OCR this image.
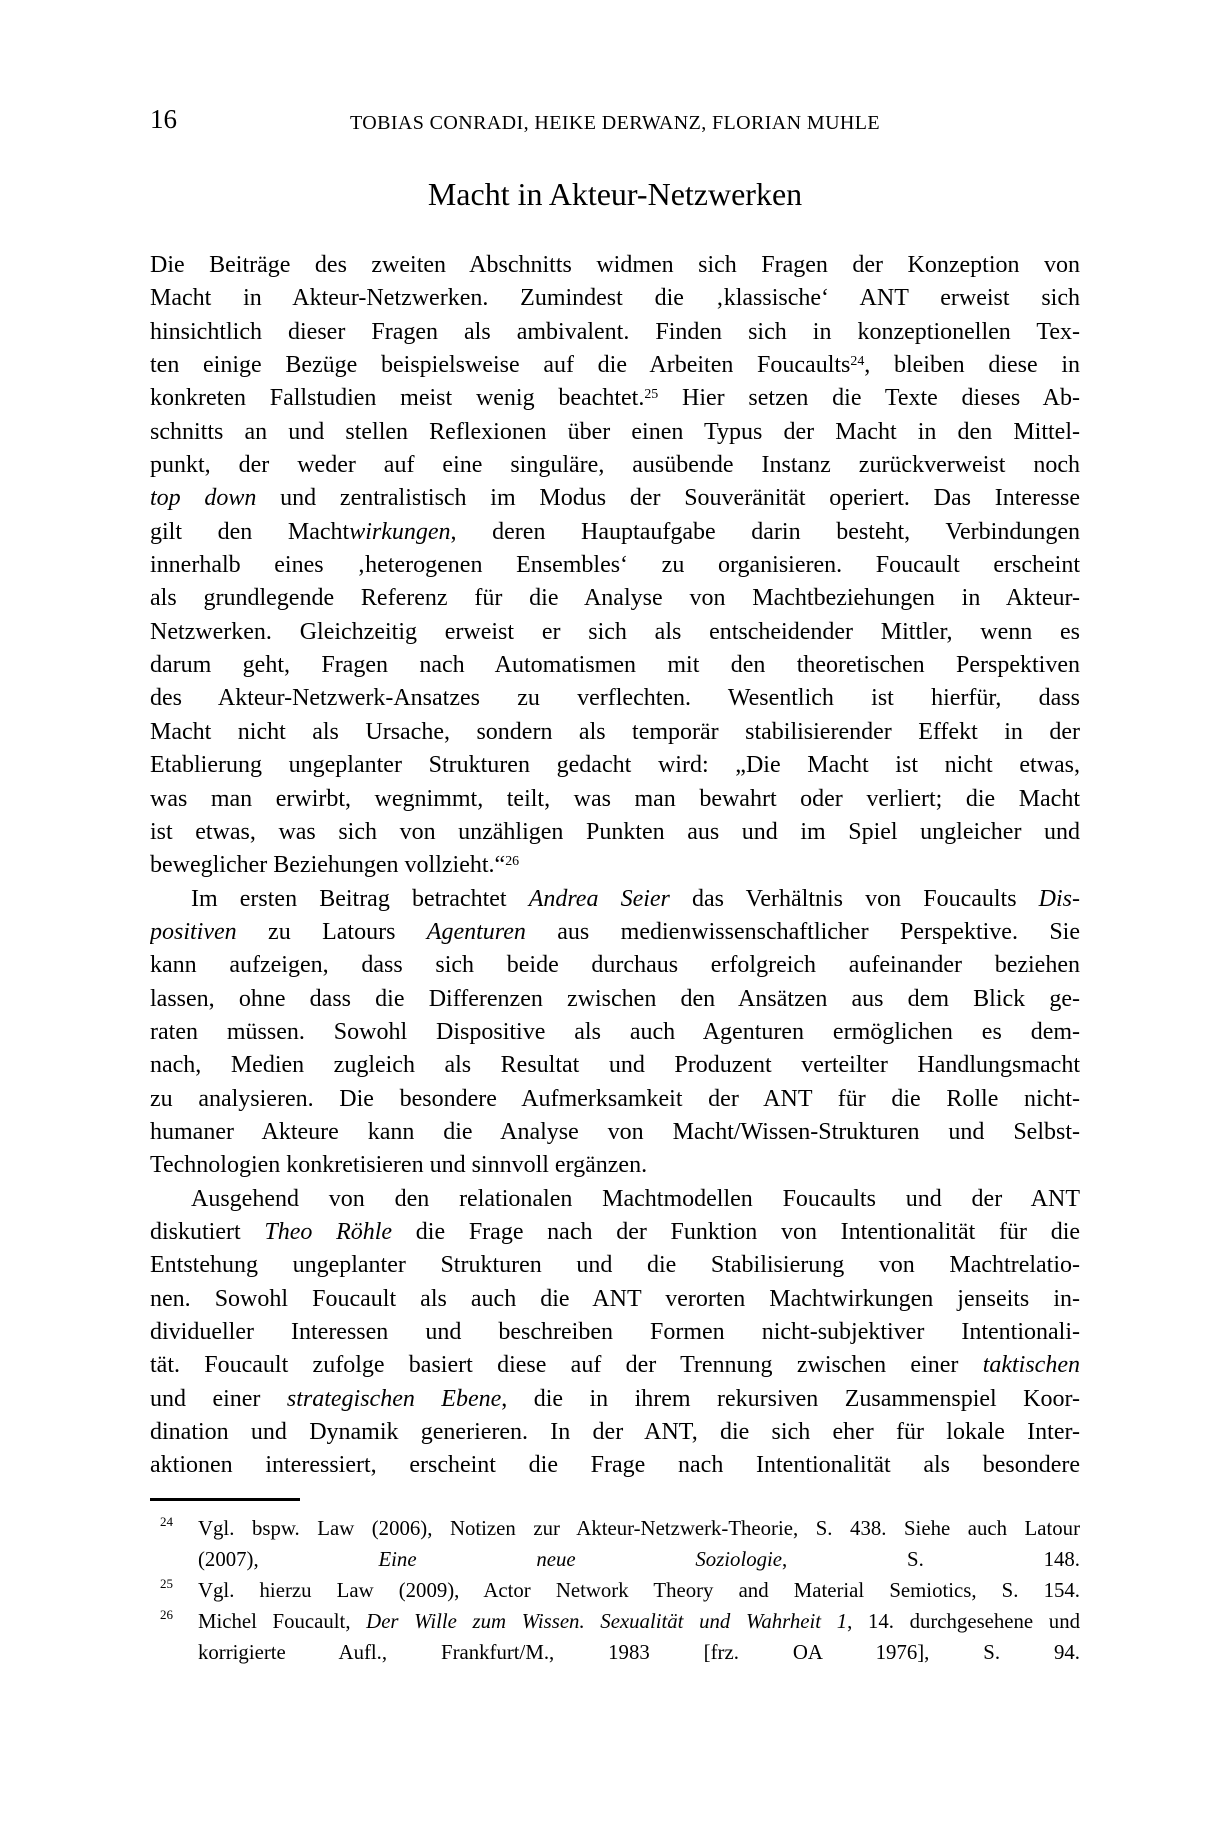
16	TOBIAS CONRADI, HEIKE DERWANZ, FLORIAN MUHLE
Macht in Akteur-Netzwerken
Die Beiträge des zweiten Abschnitts widmen sich Fragen der Konzeption von
Macht in Akteur-Netzwerken. Zumindest die ‚klassische‘ ANT erweist sich
hinsichtlich dieser Fragen als ambivalent. Finden sich in konzeptionellen Tex-
ten einige Bezüge beispielsweise auf die Arbeiten Foucaults$^{24}$, bleiben diese in
konkreten Fallstudien meist wenig beachtet.$^{25}$ Hier setzen die Texte dieses Ab-
schnitts an und stellen Reflexionen über einen Typus der Macht in den Mittel-
punkt, der weder auf eine singuläre, ausübende Instanz zurückverweist noch
top down und zentralistisch im Modus der Souveränität operiert. Das Interesse
gilt den Machtwirkungen, deren Hauptaufgabe darin besteht, Verbindungen
innerhalb eines ‚heterogenen Ensembles‘ zu organisieren. Foucault erscheint
als grundlegende Referenz für die Analyse von Machtbeziehungen in Akteur-
Netzwerken. Gleichzeitig erweist er sich als entscheidender Mittler, wenn es
darum geht, Fragen nach Automatismen mit den theoretischen Perspektiven
des Akteur-Netzwerk-Ansatzes zu verflechten. Wesentlich ist hierfür, dass
Macht nicht als Ursache, sondern als temporär stabilisierender Effekt in der
Etablierung ungeplanter Strukturen gedacht wird: „Die Macht ist nicht etwas,
was man erwirbt, wegnimmt, teilt, was man bewahrt oder verliert; die Macht
ist etwas, was sich von unzähligen Punkten aus und im Spiel ungleicher und
beweglicher Beziehungen vollzieht.“$^{26}$
Im ersten Beitrag betrachtet Andrea Seier das Verhältnis von Foucaults Dis-
positiven zu Latours Agenturen aus medienwissenschaftlicher Perspektive. Sie
kann aufzeigen, dass sich beide durchaus erfolgreich aufeinander beziehen
lassen, ohne dass die Differenzen zwischen den Ansätzen aus dem Blick ge-
raten müssen. Sowohl Dispositive als auch Agenturen ermöglichen es dem-
nach, Medien zugleich als Resultat und Produzent verteilter Handlungsmacht
zu analysieren. Die besondere Aufmerksamkeit der ANT für die Rolle nicht-
humaner Akteure kann die Analyse von Macht/Wissen-Strukturen und Selbst-
Technologien konkretisieren und sinnvoll ergänzen.
Ausgehend von den relationalen Machtmodellen Foucaults und der ANT
diskutiert Theo Röhle die Frage nach der Funktion von Intentionalität für die
Entstehung ungeplanter Strukturen und die Stabilisierung von Machtrelatio-
nen. Sowohl Foucault als auch die ANT verorten Machtwirkungen jenseits in-
dividueller Interessen und beschreiben Formen nicht-subjektiver Intentionali-
tät. Foucault zufolge basiert diese auf der Trennung zwischen einer taktischen
und einer strategischen Ebene, die in ihrem rekursiven Zusammenspiel Koor-
dination und Dynamik generieren. In der ANT, die sich eher für lokale Inter-
aktionen interessiert, erscheint die Frage nach Intentionalität als besondere
24 Vgl. bspw. Law (2006), Notizen zur Akteur-Netzwerk-Theorie, S. 438. Siehe auch Latour
(2007), Eine neue Soziologie, S. 148.
25 Vgl. hierzu Law (2009), Actor Network Theory and Material Semiotics, S. 154.
26 Michel Foucault, Der Wille zum Wissen. Sexualität und Wahrheit 1, 14. durchgesehene und
korrigierte Aufl., Frankfurt/M., 1983 [frz. OA 1976], S. 94.
